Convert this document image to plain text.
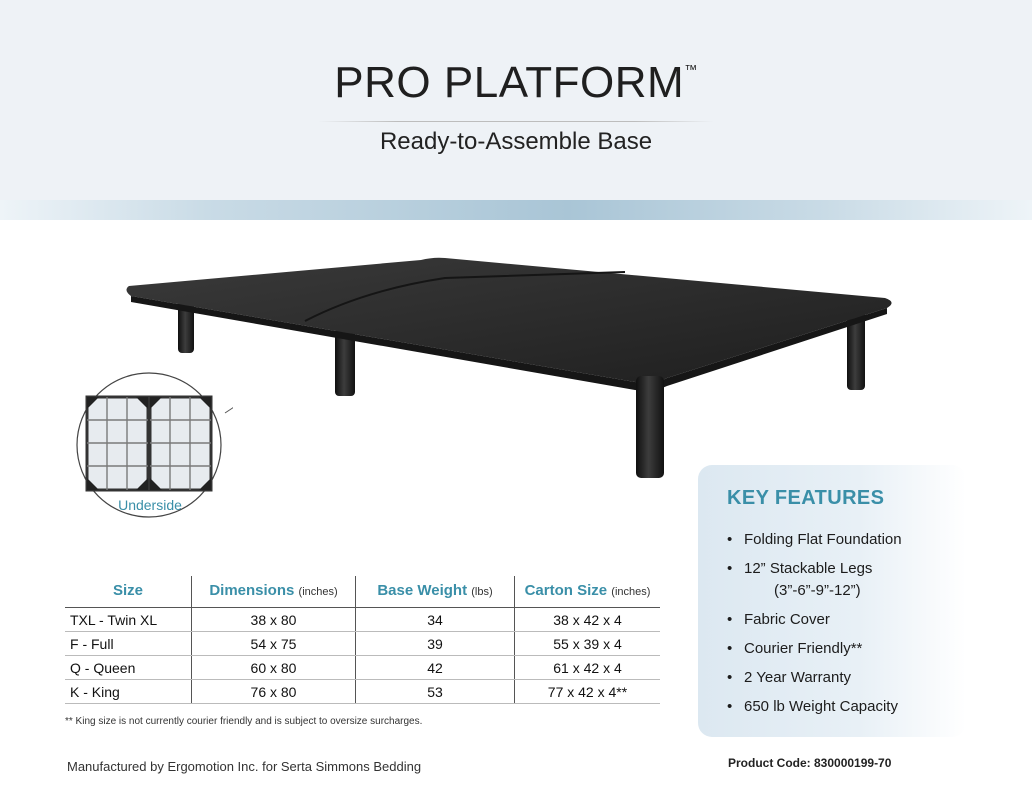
PRO PLATFORM™
Ready-to-Assemble Base
Underside
Size	Dimensions (inches)	Base Weight (lbs)	Carton Size (inches)
TXL - Twin XL	38 x 80	34	38 x 42 x 4
F - Full	54 x 75	39	55 x 39 x 4
Q - Queen	60 x 80	42	61 x 42 x 4
K - King	76 x 80	53	77 x 42 x 4**
** King size is not currently courier friendly and is subject to oversize surcharges.
Manufactured by Ergomotion Inc. for Serta Simmons Bedding
KEY FEATURES
• Folding Flat Foundation
• 12” Stackable Legs
(3”-6”-9”-12”)
• Fabric Cover
• Courier Friendly**
• 2 Year Warranty
• 650 lb Weight Capacity
Product Code: 830000199-70
